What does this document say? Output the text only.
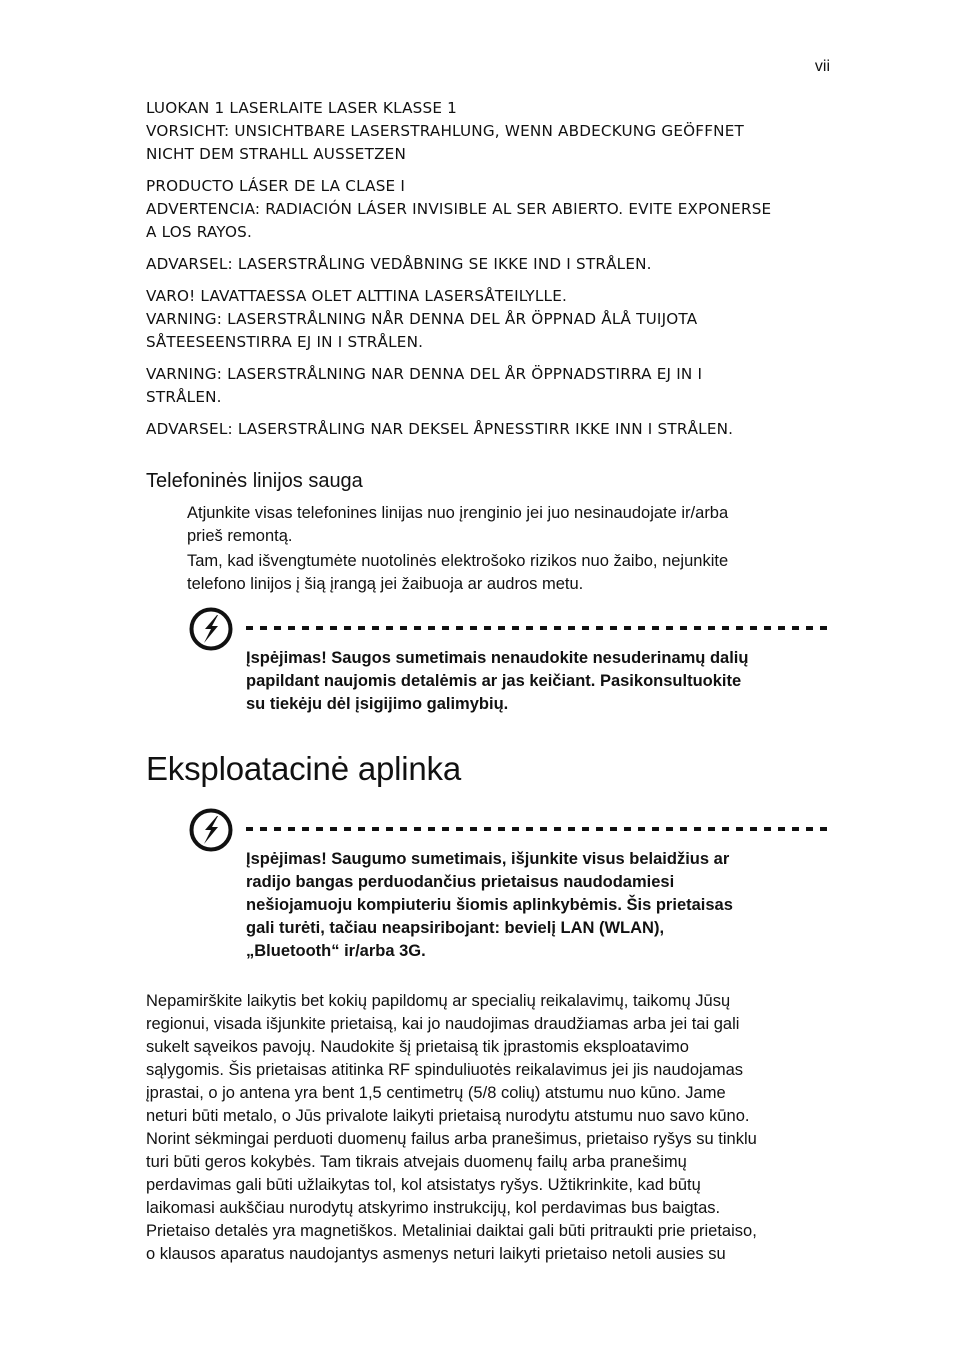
vii

LUOKAN 1 LASERLAITE LASER KLASSE 1
VORSICHT: UNSICHTBARE LASERSTRAHLUNG, WENN ABDECKUNG GEÖFFNET
NICHT DEM STRAHLL AUSSETZEN

PRODUCTO LÁSER DE LA CLASE I
ADVERTENCIA: RADIACIÓN LÁSER INVISIBLE AL SER ABIERTO. EVITE EXPONERSE
A LOS RAYOS.

ADVARSEL: LASERSTRÅLING VEDÅBNING SE IKKE IND I STRÅLEN.

VARO! LAVATTAESSA OLET ALTTINA LASERSÅTEILYLLE.
VARNING: LASERSTRÅLNING NÅR DENNA DEL ÅR ÖPPNAD ÅLÅ TUIJOTA
SÅTEESEENSTIRRA EJ IN I STRÅLEN.

VARNING: LASERSTRÅLNING NAR DENNA DEL ÅR ÖPPNADSTIRRA EJ IN I
STRÅLEN.

ADVARSEL: LASERSTRÅLING NAR DEKSEL ÅPNESSTIRR IKKE INN I STRÅLEN.

Telefoninės linijos sauga

Atjunkite visas telefonines linijas nuo įrenginio jei juo nesinaudojate ir/arba
prieš remontą.

Tam, kad išvengtumėte nuotolinės elektrošoko rizikos nuo žaibo, nejunkite
telefono linijos į šią įrangą jei žaibuoja ar audros metu.

Įspėjimas! Saugos sumetimais nenaudokite nesuderinamų dalių
papildant naujomis detalėmis ar jas keičiant. Pasikonsultuokite
su tiekėju dėl įsigijimo galimybių.

Eksploatacinė aplinka

Įspėjimas! Saugumo sumetimais, išjunkite visus belaidžius ar
radijo bangas perduodančius prietaisus naudodamiesi
nešiojamuoju kompiuteriu šiomis aplinkybėmis. Šis prietaisas
gali turėti, tačiau neapsiribojant: bevielį LAN (WLAN),
„Bluetooth“ ir/arba 3G.

Nepamirškite laikytis bet kokių papildomų ar specialių reikalavimų, taikomų Jūsų
regionui, visada išjunkite prietaisą, kai jo naudojimas draudžiamas arba jei tai gali
sukelt sąveikos pavojų. Naudokite šį prietaisą tik įprastomis eksploatavimo
sąlygomis. Šis prietaisas atitinka RF spinduliuotės reikalavimus jei jis naudojamas
įprastai, o jo antena yra bent 1,5 centimetrų (5/8 colių) atstumu nuo kūno. Jame
neturi būti metalo, o Jūs privalote laikyti prietaisą nurodytu atstumu nuo savo kūno.
Norint sėkmingai perduoti duomenų failus arba pranešimus, prietaiso ryšys su tinklu
turi būti geros kokybės. Tam tikrais atvejais duomenų failų arba pranešimų
perdavimas gali būti užlaikytas tol, kol atsistatys ryšys. Užtikrinkite, kad būtų
laikomasi aukščiau nurodytų atskyrimo instrukcijų, kol perdavimas bus baigtas.
Prietaiso detalės yra magnetiškos. Metaliniai daiktai gali būti pritraukti prie prietaiso,
o klausos aparatus naudojantys asmenys neturi laikyti prietaiso netoli ausies su
